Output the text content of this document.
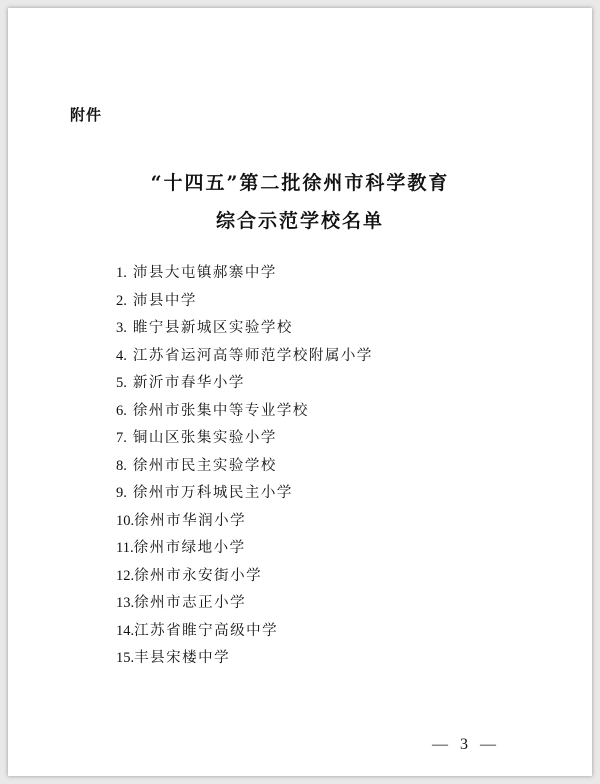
附件
“十四五”第二批徐州市科学教育
综合示范学校名单
1. 沛县大屯镇郝寨中学
2. 沛县中学
3. 睢宁县新城区实验学校
4. 江苏省运河高等师范学校附属小学
5. 新沂市春华小学
6. 徐州市张集中等专业学校
7. 铜山区张集实验小学
8. 徐州市民主实验学校
9. 徐州市万科城民主小学
10.徐州市华润小学
11.徐州市绿地小学
12.徐州市永安街小学
13.徐州市志正小学
14.江苏省睢宁高级中学
15.丰县宋楼中学
— 3 —
